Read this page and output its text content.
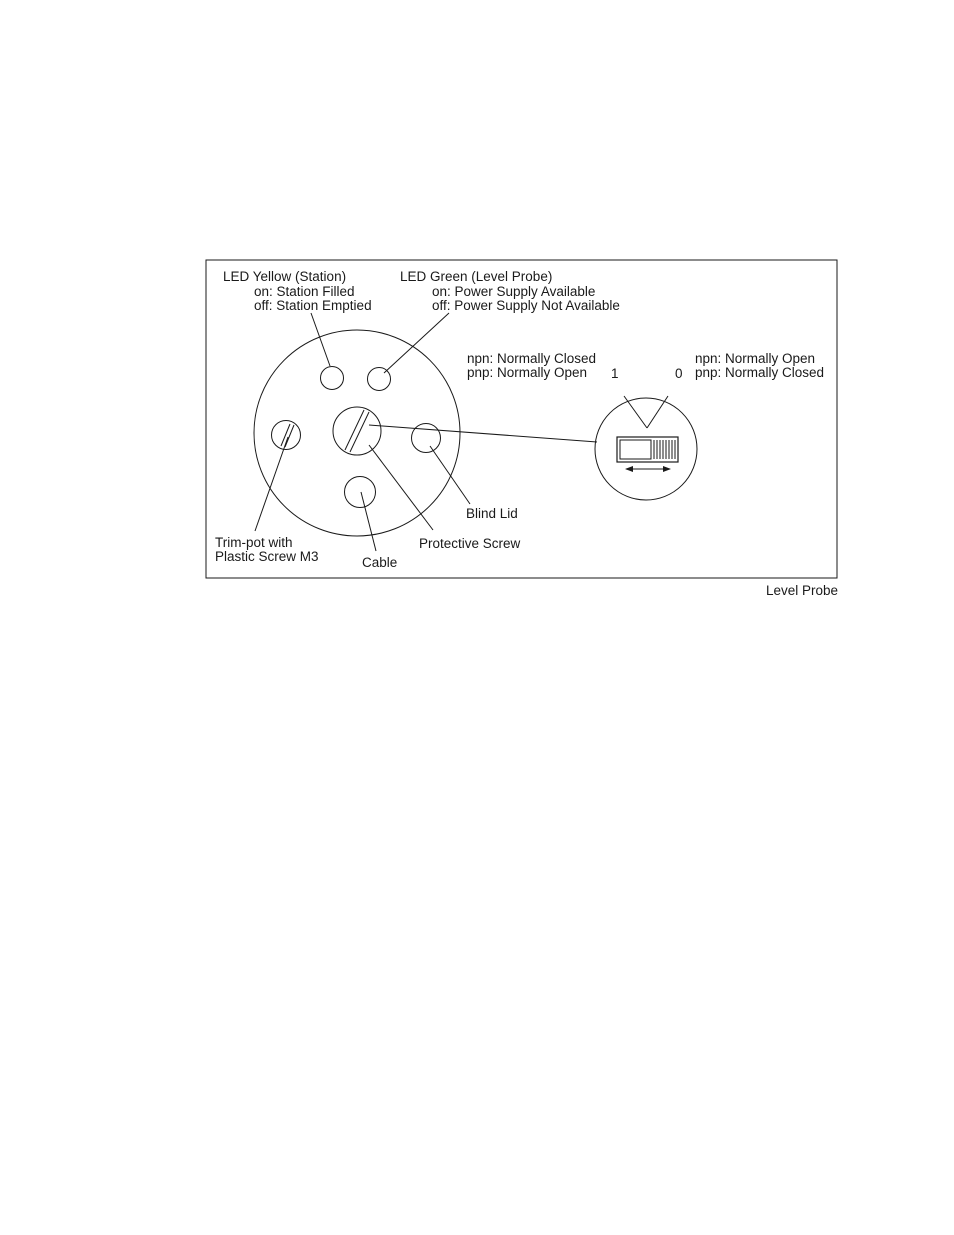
LED Yellow (Station)
on: Station Filled
off: Station Emptied
LED Green (Level Probe)
on: Power Supply Available
off: Power Supply Not Available
npn: Normally Closed
pnp: Normally Open 1	0
npn: Normally Open
pnp: Normally Closed
Blind Lid
Protective Screw
Cable
Trim-pot with
Plastic Screw M3
Level Probe
